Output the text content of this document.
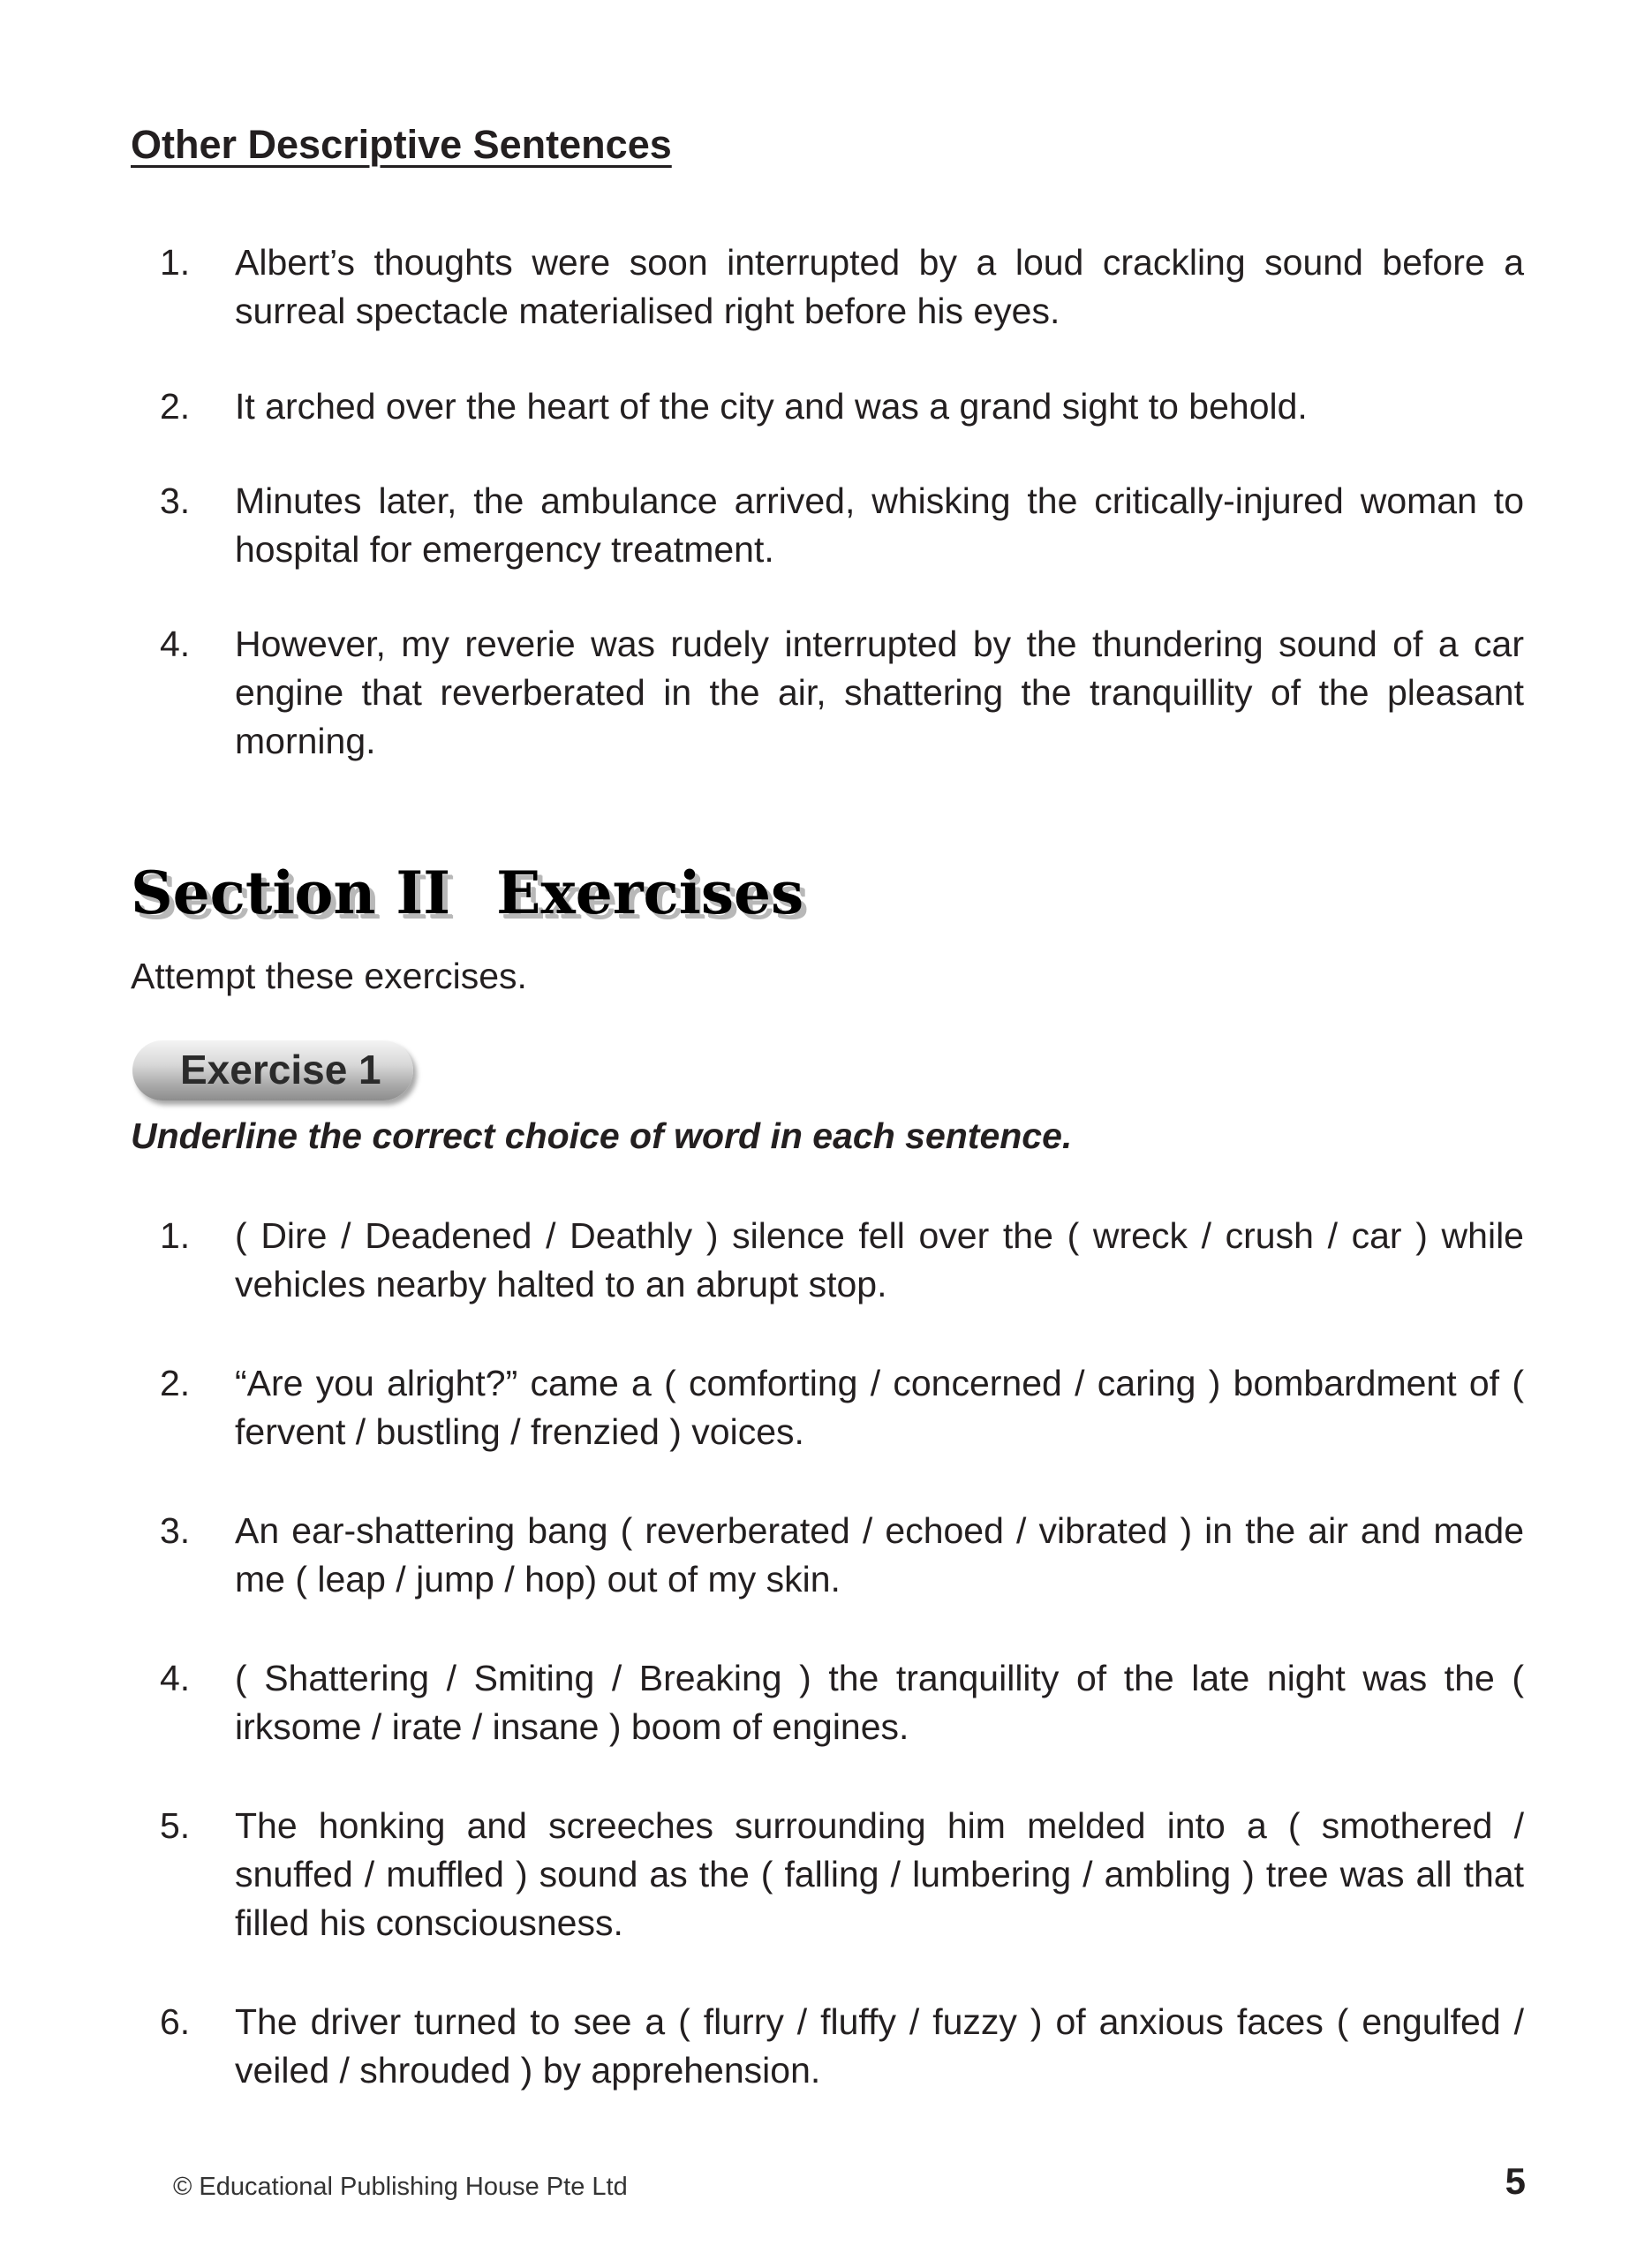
Other Descriptive Sentences
1.	Albert’s thoughts were soon interrupted by a loud crackling sound before a surreal spectacle materialised right before his eyes.
2.	It arched over the heart of the city and was a grand sight to behold.
3.	Minutes later, the ambulance arrived, whisking the critically-injured woman to hospital for emergency treatment.
4.	However, my reverie was rudely interrupted by the thundering sound of a car engine that reverberated in the air, shattering the tranquillity of the pleasant morning.
Section II Exercises

Attempt these exercises.

Exercise 1

Underline the correct choice of word in each sentence.

1.	( Dire / Deadened / Deathly ) silence fell over the ( wreck / crush / car ) while vehicles nearby halted to an abrupt stop.
2.	“Are you alright?” came a ( comforting / concerned / caring ) bombardment of ( fervent / bustling / frenzied ) voices.
3.	An ear-shattering bang ( reverberated / echoed / vibrated ) in the air and made me ( leap / jump / hop) out of my skin.
4.	( Shattering / Smiting / Breaking ) the tranquillity of the late night was the ( irksome / irate / insane ) boom of engines.
5.	The honking and screeches surrounding him melded into a ( smothered / snuffed / muffled ) sound as the ( falling / lumbering / ambling ) tree was all that filled his consciousness.
6.	The driver turned to see a ( flurry / fluffy / fuzzy ) of anxious faces ( engulfed / veiled / shrouded ) by apprehension.
© Educational Publishing House Pte Ltd	5
